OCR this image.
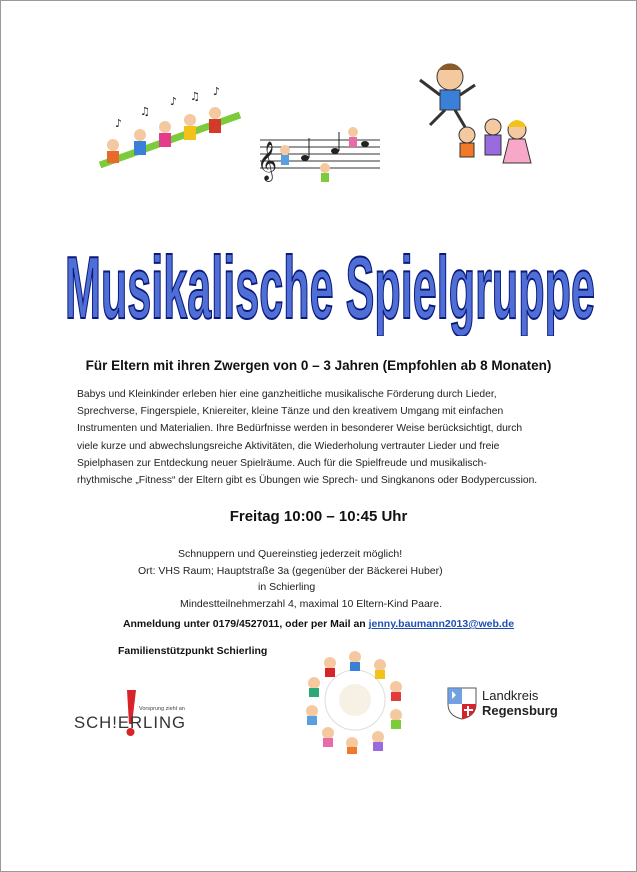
♪
♫
♪ ♫ ♪
𝄞
Musikalische Spielgruppe
Für Eltern mit ihren Zwergen von 0 – 3 Jahren (Empfohlen ab 8 Monaten)

Babys und Kleinkinder erleben hier eine ganzheitliche musikalische Förderung durch Lieder,

Sprechverse, Fingerspiele, Kniereiter, kleine Tänze und den kreativem Umgang mit einfachen

Instrumenten und Materialien. Ihre Bedürfnisse werden in besonderer Weise berücksichtigt, durch

viele kurze und abwechslungsreiche Aktivitäten, die Wiederholung vertrauter Lieder und freie

Spielphasen zur Entdeckung neuer Spielräume. Auch für die Spielfreude und musikalisch-

rhythmische „Fitness“ der Eltern gibt es Übungen wie Sprech- und Singkanons oder Bodypercussion.

Freitag 10:00 – 10:45 Uhr
Schnuppern und Quereinstieg jederzeit möglich!
Ort: VHS Raum; Hauptstraße 3a (gegenüber der Bäckerei Huber)
in Schierling
Mindestteilnehmerzahl 4, maximal 10 Eltern-Kind Paare.
Anmeldung unter 0179/4527011, oder per Mail an jenny.baumann2013@web.de
Familienstützpunkt Schierling
Vorsprung zieht an
SCH!ERLING
Landkreis
Regensburg
